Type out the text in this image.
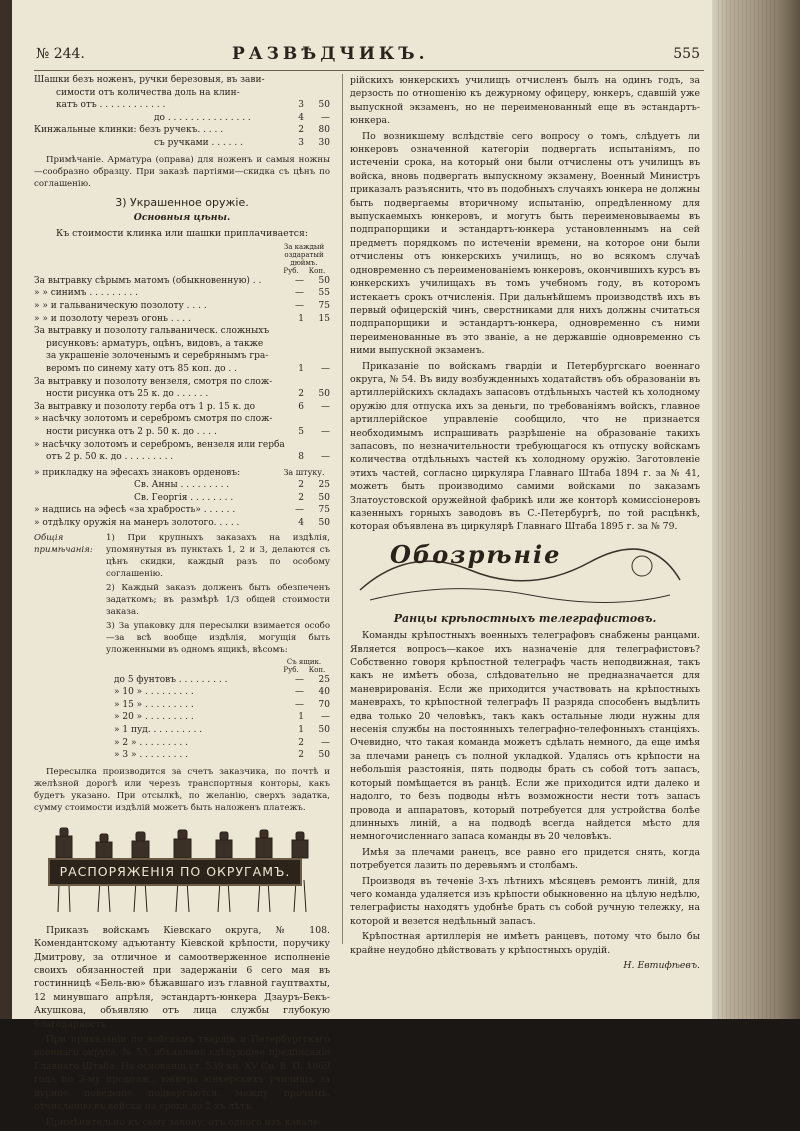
№ 244.	РАЗВѢДЧИКЪ.	555
Шашки безъ ноженъ, ручки березовыя, въ зави-
симости отъ количества доль на клин-
катъ отъ . . . . . . . . . . . .	3	50
до . . . . . . . . . . . . . . .	4	—
Кинжальные клинки: безъ ручекъ. . . . .	2	80
съ ручками . . . . . .	3	30

Примѣчаніе. Арматура (оправа) для ноженъ и самыя ножны—сообразно образцу. При заказѣ партіями—скидка съ цѣнъ по соглашенію.

3) Украшенное оружіе.
Основныя цѣны.

Къ стоимости клинка или шашки приплачивается:

За каждый
оздаратый
дюймъ.
Руб.	Коп.
За вытравку сѣрымъ матомъ (обыкновенную) . .	—	50
» » синимъ . . . . . . . . .	—	55
» » и гальваническую позолоту . . . .	—	75
» » и позолоту черезъ огонь . . . .	1	15
За вытравку и позолоту гальваническ. сложныхъ
рисунковъ: арматуръ, оцѣнъ, видовъ, а также
за украшеніе золоченымъ и серебрянымъ гра-
веромъ по синему хату отъ 85 коп. до . .	1	—
За вытравку и позолоту вензеля, смотря по слож-
ности рисунка отъ 25 к. до . . . . . .	2	50
За вытравку и позолоту герба отъ 1 р. 15 к. до	6	—
» насѣчку золотомъ и серебромъ смотря по слож-
ности рисунка отъ 2 р. 50 к. до . . . .	5	—
» насѣчку золотомъ и серебромъ, вензеля или герба
отъ 2 р. 50 к. до . . . . . . . . .	8	—
» прикладку на эфесахъ знаковъ орденовъ:	За штуку.
Св. Анны . . . . . . . . .	2	25
Св. Георгія . . . . . . . .	2	50
» надпись на эфесѣ «за храбрость» . . . . . .	—	75
» отдѣлку оружія на манеръ золотого. . . . .	4	50
Общія примѣчанія:

1) При крупныхъ заказахъ на издѣлія, упомянутыя въ пунктахъ 1, 2 и 3, делаются съ цѣнъ скидки, каждый разъ по особому соглашенію.

2) Каждый заказъ долженъ быть обезпеченъ задаткомъ; въ размѣрѣ 1/3 общей стоимости заказа.

3) За упаковку для пересылки взимается особо—за всѣ вообще издѣлія, могущія быть уложенными въ одномъ ящикѣ, вѣсомъ:

Съ ящик.
Руб.	Коп.
до 5 фунтовъ . . . . . . . . .	—	25
» 10 » . . . . . . . . .	—	40
» 15 » . . . . . . . . .	—	70
» 20 » . . . . . . . . .	1	—
» 1 пуд. . . . . . . . . .	1	50
» 2 » . . . . . . . . .	2	—
» 3 » . . . . . . . . .	2	50

Пересылка производится за счетъ заказчика, по почтѣ и желѣзной дорогѣ или черезъ транспортныя конторы, какъ будетъ указано. При отсылкѣ, по желанію, сверхъ задатка, сумму стоимости издѣлій можетъ быть наложенъ платежъ.

РАСПОРЯЖЕНІЯ ПО ОКРУГАМЪ.

Приказъ войскамъ Кіевскаго округа, № 108. Комендантскому адъютанту Кіевской крѣпости, поручику Дмитрову, за отличное и самоотверженное исполненіе своихъ обязанностей при задержаніи 6 сего мая въ гостинницѣ «Бель-вю» бѣжавшаго изъ главной гауптвахты, 12 минувшаго апрѣля, эстандартъ-юнкера Дзауръ-Бекъ-Акушкова, объявляю отъ лица службы глубокую благодарность.

При приказаніи по войскамъ гвардіи и Петербургскаго военнаго округа, № 53, объявлено слѣдующее предписаніе Главнаго Штаба: На основаніи ст. 539 кн. XV Св. В. П. 1869 года по 3-му продолж., юнкера юнкерскихъ училищъ за дурное поведеніе подвергаются, между прочимъ, отчисленію въ войска на сроки до 2-хъ лѣтъ.

Примѣнительно къ сему закону, отъ одного изъ кавале-

рійскихъ юнкерскихъ училищъ отчисленъ былъ на одинъ годъ, за дерзость по отношенію къ дежурному офицеру, юнкеръ, сдавшій уже выпускной экзаменъ, но не переименованный еще въ эстандартъ-юнкера.

По возникшему вслѣдствіе сего вопросу о томъ, слѣдуетъ ли юнкеровъ означенной категоріи подвергать испытаніямъ, по истеченіи срока, на который они были отчислены отъ училищъ въ войска, вновь подвергать выпускному экзамену, Военный Министръ приказалъ разъяснить, что въ подобныхъ случаяхъ юнкера не должны быть подвергаемы вторичному испытанію, опредѣленному для выпускаемыхъ юнкеровъ, и могутъ быть переименовываемы въ подпрапорщики и эстандартъ-юнкера установленнымъ на сей предметъ порядкомъ по истеченіи времени, на которое они были отчислены отъ юнкерскихъ училищъ, но во всякомъ случаѣ одновременно съ переименованіемъ юнкеровъ, окончившихъ курсъ въ юнкерскихъ училищахъ въ томъ учебномъ году, въ которомъ истекаетъ срокъ отчисленія. При дальнѣйшемъ производствѣ ихъ въ первый офицерскій чинъ, сверстниками для нихъ должны считаться подпрапорщики и эстандартъ-юнкера, одновременно съ ними переименованные въ это званіе, а не державшіе одновременно съ ними выпускной экзаменъ.

Приказаніе по войскамъ гвардіи и Петербургскаго военнаго округа, № 54. Въ виду возбужденныхъ ходатайствъ объ образованіи въ артиллерійскихъ складахъ запасовъ отдѣльныхъ частей къ холодному оружію для отпуска ихъ за деньги, по требованіямъ войскъ, главное артиллерійское управленіе сообщило, что не признается необходимымъ испрашивать разрѣшеніе на образованіе такихъ запасовъ, по незначительности требующагося къ отпуску войскамъ количества отдѣльныхъ частей къ холодному оружію. Заготовленіе этихъ частей, согласно циркуляра Главнаго Штаба 1894 г. за № 41, можетъ быть производимо самими войсками по заказамъ Златоустовской оружейной фабрикѣ или же конторѣ комиссіонеровъ казенныхъ горныхъ заводовъ въ С.-Петербургѣ, по той расцѣнкѣ, которая объявлена въ циркулярѣ Главнаго Штаба 1895 г. за № 79.

Обозрѣніе
Ранцы крѣпостныхъ телеграфистовъ.

Команды крѣпостныхъ военныхъ телеграфовъ снабжены ранцами. Является вопросъ—какое ихъ назначеніе для телеграфистовъ? Собственно говоря крѣпостной телеграфъ часть неподвижная, такъ какъ не имѣетъ обоза, слѣдовательно не предназначается для маневрированія. Если же приходится участвовать на крѣпостныхъ маневрахъ, то крѣпостной телеграфъ II разряда способенъ выдѣлить едва только 20 человѣкъ, такъ какъ остальные люди нужны для несенія службы на постоянныхъ телеграфно-телефонныхъ станціяхъ. Очевидно, что такая команда можетъ сдѣлать немного, да еще имѣя за плечами ранецъ съ полной укладкой. Удалясь отъ крѣпости на небольшія разстоянія, пять подводы брать съ собой тотъ запасъ, который помѣщается въ ранцѣ. Если же приходится идти далеко и надолго, то безъ подводы нѣтъ возможности нести тотъ запасъ провода и аппаратовъ, который потребуется для устройства болѣе длинныхъ линій, а на подводѣ всегда найдется мѣсто для немногочисленнаго запаса команды въ 20 человѣкъ.

Имѣя за плечами ранецъ, все равно его придется снять, когда потребуется лазить по деревьямъ и столбамъ.

Производя въ теченіе 3-хъ лѣтнихъ мѣсяцевъ ремонтъ линій, для чего команда удаляется изъ крѣпости обыкновенно на цѣлую недѣлю, телеграфисты находятъ удобнѣе брать съ собой ручную тележку, на которой и везется недѣльный запасъ.

Крѣпостная артиллерія не имѣетъ ранцевъ, потому что было бы крайне неудобно дѣйствовать у крѣпостныхъ орудій.

Н. Евтифѣевъ.
